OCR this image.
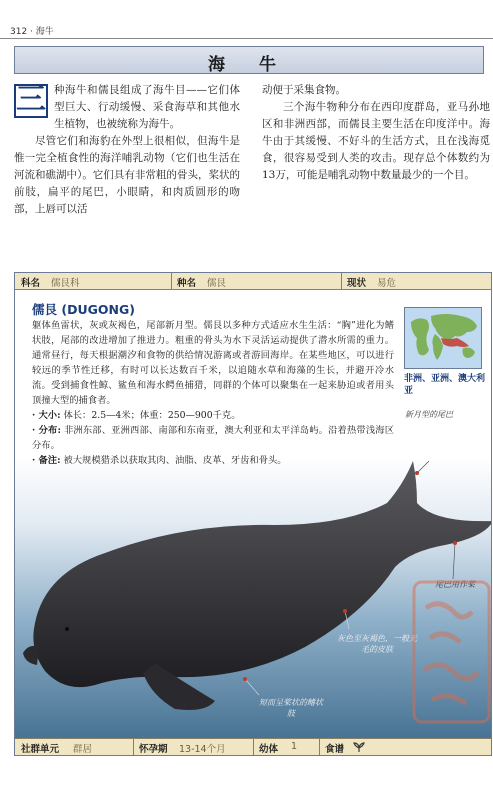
312 · 海牛
海 牛
三 种海牛和儒艮组成了海牛目——它们体型巨大、行动缓慢、采食海草和其他水生植物，也被统称为海牛。

尽管它们和海豹在外型上很相似，但海牛是惟一完全植食性的海洋哺乳动物（它们也生活在河流和礁湖中）。它们具有非常粗的骨头，桨状的前肢，扁平的尾巴，小眼睛，和肉质圆形的吻部，上唇可以活

动便于采集食物。

三个海牛物种分布在西印度群岛，亚马孙地区和非洲西部，而儒艮主要生活在印度洋中。海牛由于其缓慢、不好斗的生活方式，且在浅海觅食，很容易受到人类的攻击。现存总个体数约为13万，可能是哺乳动物中数量最少的一个目。

科名 儒艮科	种名 儒艮	现状 易危
儒艮 (DUGONG)

躯体鱼雷状，灰或灰褐色，尾部新月型。儒艮以多种方式适应水生生活：“胸”进化为鳍状肢，尾部的改进增加了推进力。粗重的骨头为水下灵活运动提供了潜水所需的重力。通常昼行，每天根据潮汐和食物的供给情况游离或者游回海岸。在某些地区，可以进行较远的季节性迁移，有时可以长达数百千米，以追随水草和海藻的生长，并避开冷水流。受到捕食性鲸、鲨鱼和海水鳄鱼捕猎，同群的个体可以聚集在一起来胁迫或者用头顶撞大型的捕食者。

· 大小: 体长：2.5—4米；体重：250—900千克。

· 分布: 非洲东部、亚洲西部、南部和东南亚，澳大利亚和太平洋岛屿。沿着热带浅海区分布。

· 备注: 被大规模猎杀以获取其肉、油脂、皮革、牙齿和骨头。

非洲、亚洲、澳大利亚
新月型的尾巴
尾巴用作桨
灰色至灰褐色，一般无毛的皮肤
短而呈桨状的鳍状肢
社群单元 群居	怀孕期 13-14个月	幼体 1	食谱
